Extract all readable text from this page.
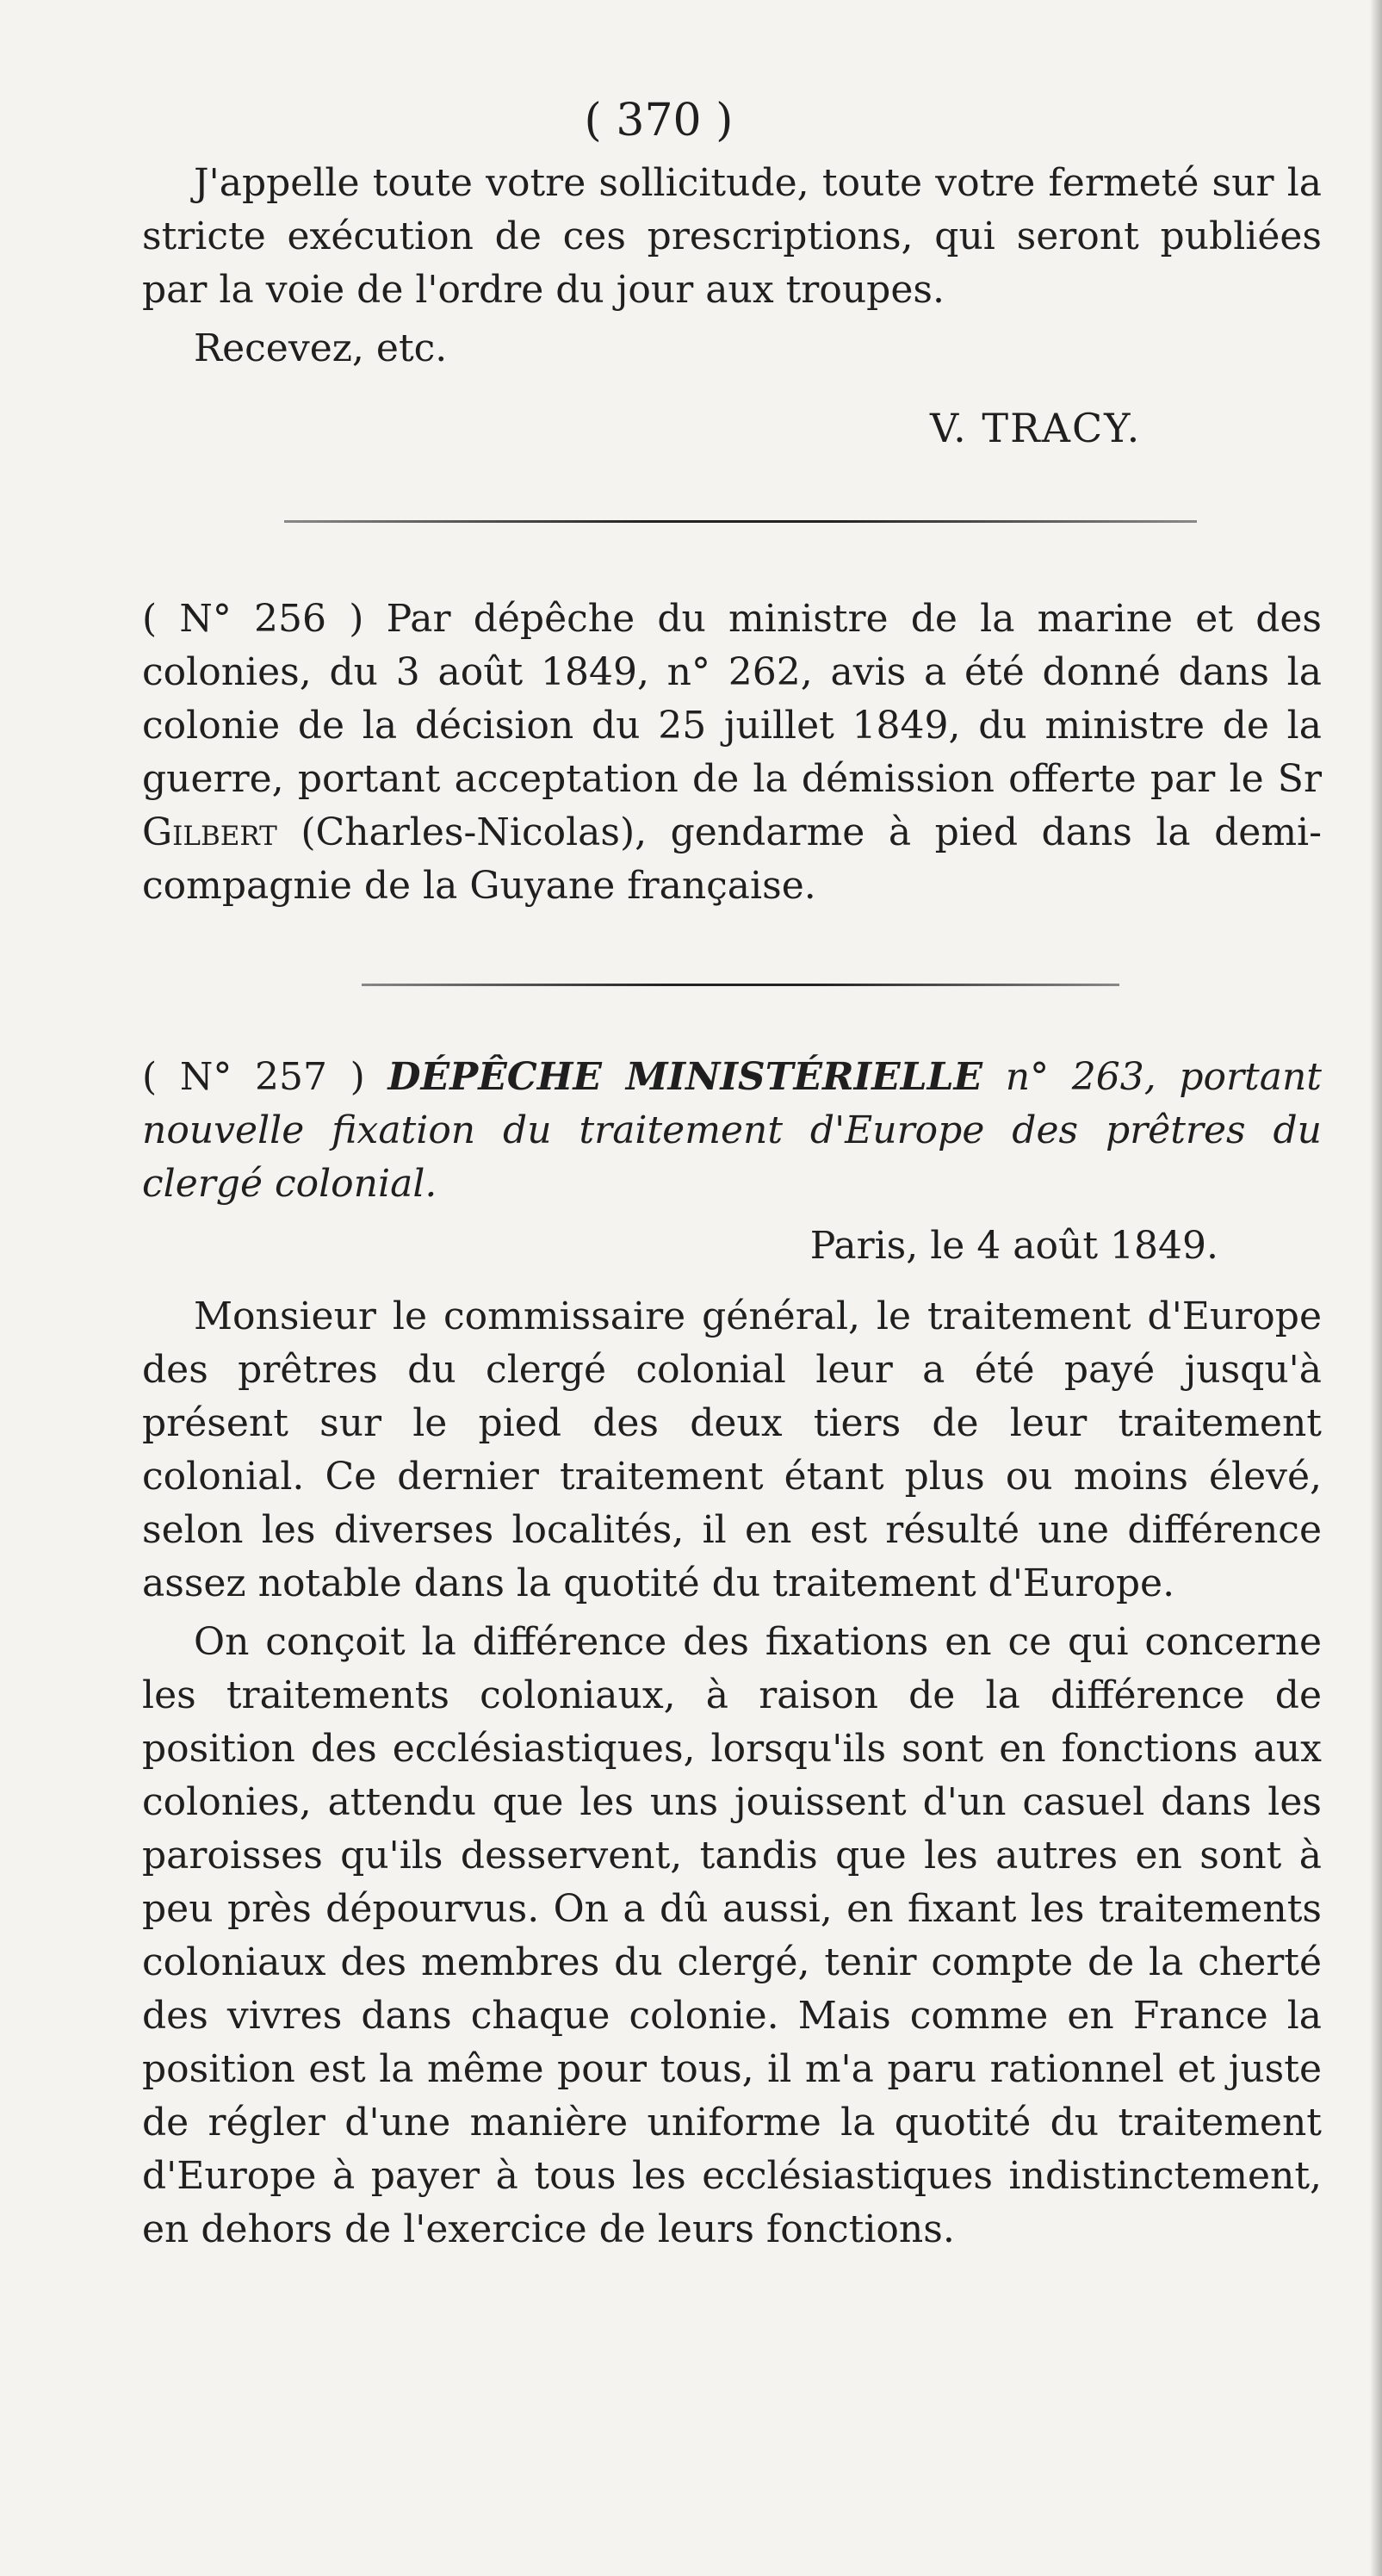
( 370 )

J'appelle toute votre sollicitude, toute votre fermeté sur la stricte exécution de ces prescriptions, qui seront publiées par la voie de l'ordre du jour aux troupes.

Recevez, etc.

V. TRACY.

( N° 256 ) Par dépêche du ministre de la marine et des colonies, du 3 août 1849, n° 262, avis a été donné dans la colonie de la décision du 25 juillet 1849, du ministre de la guerre, portant acceptation de la démission offerte par le Sr Gilbert (Charles-Nicolas), gendarme à pied dans la demi-compagnie de la Guyane française.

( N° 257 ) DÉPÊCHE MINISTÉRIELLE n° 263, portant nouvelle fixation du traitement d'Europe des prêtres du clergé colonial.

Paris, le 4 août 1849.

Monsieur le commissaire général, le traitement d'Europe des prêtres du clergé colonial leur a été payé jusqu'à présent sur le pied des deux tiers de leur traitement colonial. Ce dernier traitement étant plus ou moins élevé, selon les diverses localités, il en est résulté une différence assez notable dans la quotité du traitement d'Europe.

On conçoit la différence des fixations en ce qui concerne les traitements coloniaux, à raison de la différence de position des ecclésiastiques, lorsqu'ils sont en fonctions aux colonies, attendu que les uns jouissent d'un casuel dans les paroisses qu'ils desservent, tandis que les autres en sont à peu près dépourvus. On a dû aussi, en fixant les traitements coloniaux des membres du clergé, tenir compte de la cherté des vivres dans chaque colonie. Mais comme en France la position est la même pour tous, il m'a paru rationnel et juste de régler d'une manière uniforme la quotité du traitement d'Europe à payer à tous les ecclésiastiques indistinctement, en dehors de l'exercice de leurs fonctions.
